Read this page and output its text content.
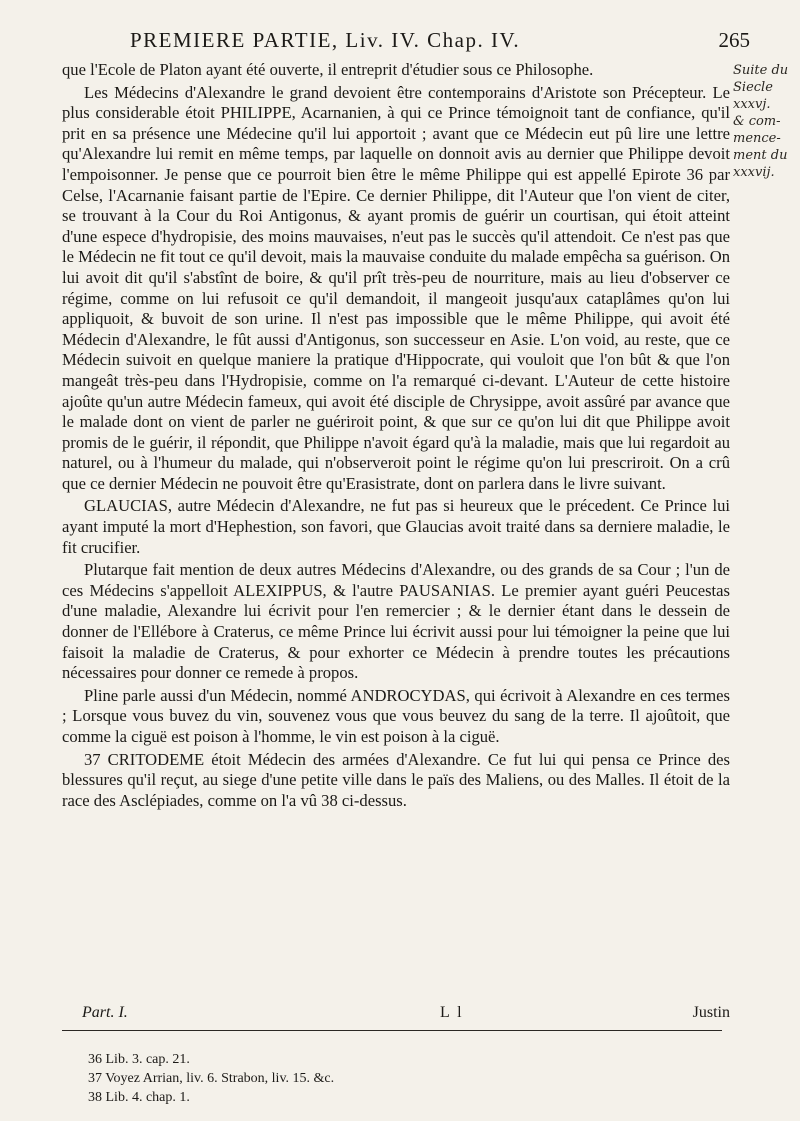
PREMIERE PARTIE, Liv. IV. Chap. IV.	265
Suite du
Siecle
xxxvj.
& com-
mence-
ment du
xxxvij.

que l'Ecole de Platon ayant été ouverte, il entreprit d'étudier sous ce Philosophe.

Les Médecins d'Alexandre le grand devoient être contemporains d'Aristote son Précepteur. Le plus considerable étoit PHILIPPE, Acarnanien, à qui ce Prince témoignoit tant de confiance, qu'il prit en sa présence une Médecine qu'il lui apportoit ; avant que ce Médecin eut pû lire une lettre qu'Alexandre lui remit en même temps, par laquelle on donnoit avis au dernier que Philippe devoit l'empoisonner. Je pense que ce pourroit bien être le même Philippe qui est appellé Epirote 36 par Celse, l'Acarnanie faisant partie de l'Epire. Ce dernier Philippe, dit l'Auteur que l'on vient de citer, se trouvant à la Cour du Roi Antigonus, & ayant promis de guérir un courtisan, qui étoit atteint d'une espece d'hydropisie, des moins mauvaises, n'eut pas le succès qu'il attendoit. Ce n'est pas que le Médecin ne fit tout ce qu'il devoit, mais la mauvaise conduite du malade empêcha sa guérison. On lui avoit dit qu'il s'abstînt de boire, & qu'il prît très-peu de nourriture, mais au lieu d'observer ce régime, comme on lui refusoit ce qu'il demandoit, il mangeoit jusqu'aux cataplâmes qu'on lui appliquoit, & buvoit de son urine. Il n'est pas impossible que le même Philippe, qui avoit été Médecin d'Alexandre, le fût aussi d'Antigonus, son successeur en Asie. L'on void, au reste, que ce Médecin suivoit en quelque maniere la pratique d'Hippocrate, qui vouloit que l'on bût & que l'on mangeât très-peu dans l'Hydropisie, comme on l'a remarqué ci-devant. L'Auteur de cette histoire ajoûte qu'un autre Médecin fameux, qui avoit été disciple de Chrysippe, avoit assûré par avance que le malade dont on vient de parler ne guériroit point, & que sur ce qu'on lui dit que Philippe avoit promis de le guérir, il répondit, que Philippe n'avoit égard qu'à la maladie, mais que lui regardoit au naturel, ou à l'humeur du malade, qui n'observeroit point le régime qu'on lui prescriroit. On a crû que ce dernier Médecin ne pouvoit être qu'Erasistrate, dont on parlera dans le livre suivant.

GLAUCIAS, autre Médecin d'Alexandre, ne fut pas si heureux que le précedent. Ce Prince lui ayant imputé la mort d'Hephestion, son favori, que Glaucias avoit traité dans sa derniere maladie, le fit crucifier.

Plutarque fait mention de deux autres Médecins d'Alexandre, ou des grands de sa Cour ; l'un de ces Médecins s'appelloit ALEXIPPUS, & l'autre PAUSANIAS. Le premier ayant guéri Peucestas d'une maladie, Alexandre lui écrivit pour l'en remercier ; & le dernier étant dans le dessein de donner de l'Ellébore à Craterus, ce même Prince lui écrivit aussi pour lui témoigner la peine que lui faisoit la maladie de Craterus, & pour exhorter ce Médecin à prendre toutes les précautions nécessaires pour donner ce remede à propos.

Pline parle aussi d'un Médecin, nommé ANDROCYDAS, qui écrivoit à Alexandre en ces termes ; Lorsque vous buvez du vin, souvenez vous que vous beuvez du sang de la terre. Il ajoûtoit, que comme la ciguë est poison à l'homme, le vin est poison à la ciguë.

37 CRITODEME étoit Médecin des armées d'Alexandre. Ce fut lui qui pensa ce Prince des blessures qu'il reçut, au siege d'une petite ville dans le païs des Maliens, ou des Malles. Il étoit de la race des Asclépiades, comme on l'a vû 38 ci-dessus.

Part. I.	L l	Justin
36 Lib. 3. cap. 21.
37 Voyez Arrian, liv. 6. Strabon, liv. 15. &c.
38 Lib. 4. chap. 1.
